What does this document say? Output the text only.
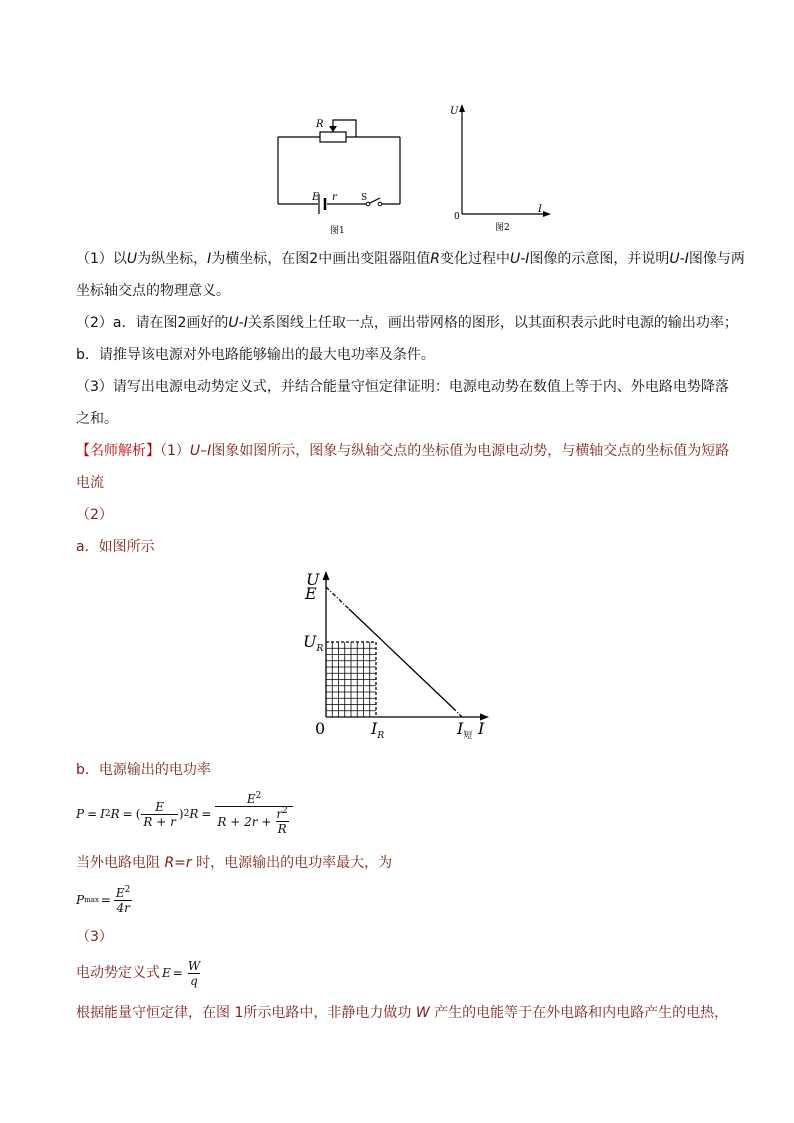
R
E r	S
图1
U
I
0
图2
（1）以U为纵坐标，I为横坐标，在图2中画出变阻器阻值R变化过程中U-I图像的示意图，并说明U-I图像与两
坐标轴交点的物理意义。
（2）a．请在图2画好的U-I关系图线上任取一点，画出带网格的图形，以其面积表示此时电源的输出功率；
b．请推导该电源对外电路能够输出的最大电功率及条件。
（3）请写出电源电动势定义式，并结合能量守恒定律证明：电源电动势在数值上等于内、外电路电势降落
之和。
【名师解析】（1）U–I图象如图所示，图象与纵轴交点的坐标值为电源电动势，与横轴交点的坐标值为短路
电流
（2）
a．如图所示
U
E
$U_R$
0	$I_R$	$I_短$ I
b．电源输出的电功率
P = I 2 R = ( $\frac{E}{R + r}$ ) 2 $R = \frac{E^2}{R + 2r + \frac{r^2}{R}}$
当外电路电阻 R=r 时，电源输出的电功率最大，为
P $\max = \frac{E^2}{4r}$
（3）
电动势定义式 $E = \frac{W}{q}$
根据能量守恒定律，在图 1所示电路中，非静电力做功 W 产生的电能等于在外电路和内电路产生的电热，
